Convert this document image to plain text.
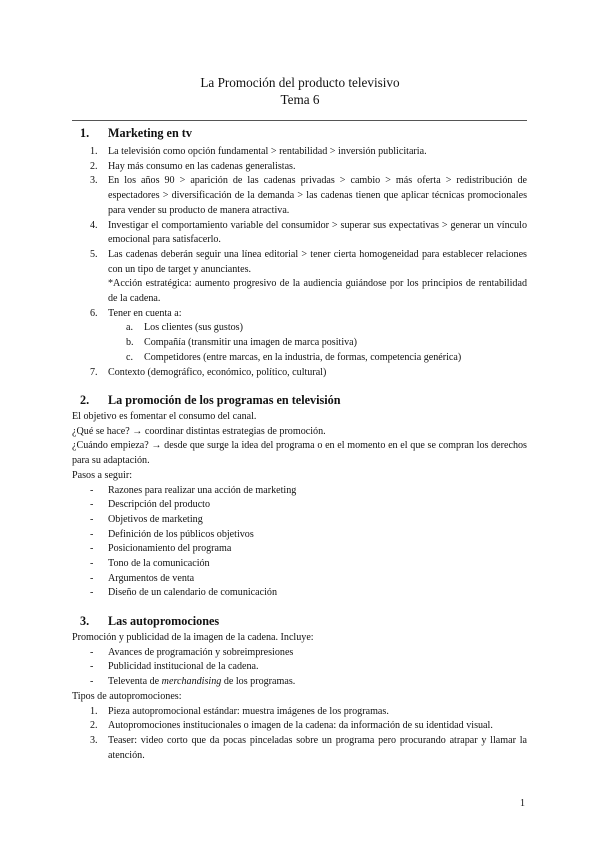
La Promoción del producto televisivo
Tema 6
1. Marketing en tv
1.	La televisión como opción fundamental > rentabilidad > inversión publicitaria.
2.	Hay más consumo en las cadenas generalistas.
3.	En los años 90 > aparición de las cadenas privadas > cambio > más oferta > redistribución de espectadores > diversificación de la demanda > las cadenas tienen que aplicar técnicas promocionales para vender su producto de manera atractiva.
4.	Investigar el comportamiento variable del consumidor > superar sus expectativas > generar un vínculo emocional para satisfacerlo.
5.	Las cadenas deberán seguir una línea editorial > tener cierta homogeneidad para establecer relaciones con un tipo de target y anunciantes.
*Acción estratégica: aumento progresivo de la audiencia guiándose por los principios de rentabilidad de la cadena.
6.	Tener en cuenta a:
a. Los clientes (sus gustos)
b. Compañía (transmitir una imagen de marca positiva)
c. Competidores (entre marcas, en la industria, de formas, competencia genérica)
7.	Contexto (demográfico, económico, político, cultural)
2. La promoción de los programas en televisión
El objetivo es fomentar el consumo del canal.
¿Qué se hace? → coordinar distintas estrategias de promoción.
¿Cuándo empieza? → desde que surge la idea del programa o en el momento en el que se compran los derechos para su adaptación.
Pasos a seguir:
- Razones para realizar una acción de marketing
- Descripción del producto
- Objetivos de marketing
- Definición de los públicos objetivos
- Posicionamiento del programa
- Tono de la comunicación
- Argumentos de venta
- Diseño de un calendario de comunicación
3. Las autopromociones
Promoción y publicidad de la imagen de la cadena. Incluye:
- Avances de programación y sobreimpresiones
- Publicidad institucional de la cadena.
- Televenta de merchandising de los programas.
Tipos de autopromociones:
1.	Pieza autopromocional estándar: muestra imágenes de los programas.
2.	Autopromociones institucionales o imagen de la cadena: da información de su identidad visual.
3.	Teaser: video corto que da pocas pinceladas sobre un programa pero procurando atrapar y llamar la atención.
1
